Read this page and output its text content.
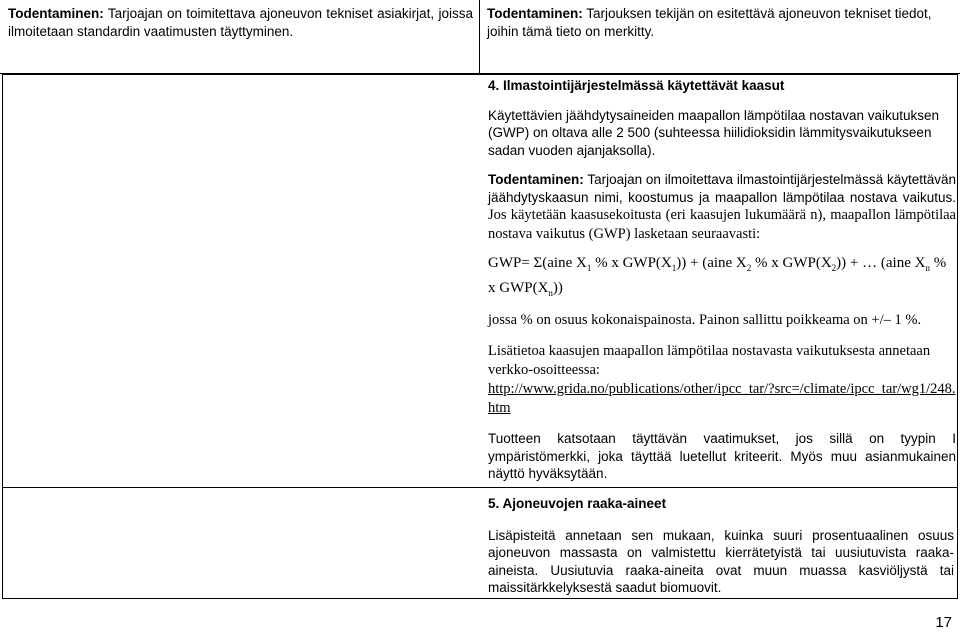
Todentaminen: Tarjoajan on toimitettava ajoneuvon tekniset asiakirjat, joissa ilmoitetaan standardin vaatimusten täyttyminen.

Todentaminen: Tarjouksen tekijän on esitettävä ajoneuvon tekniset tiedot, joihin tämä tieto on merkitty.

4. Ilmastointijärjestelmässä käytettävät kaasut

Käytettävien jäähdytysaineiden maapallon lämpötilaa nostavan vaikutuksen (GWP) on oltava alle 2 500 (suhteessa hiilidioksidin lämmitysvaikutukseen sadan vuoden ajanjaksolla).

Todentaminen: Tarjoajan on ilmoitettava ilmastointijärjestelmässä käytettävän jäähdytyskaasun nimi, koostumus ja maapallon lämpötilaa nostava vaikutus. Jos käytetään kaasusekoitusta (eri kaasujen lukumäärä n), maapallon lämpötilaa nostava vaikutus (GWP) lasketaan seuraavasti:

GWP= Σ(aine $X_1$ % x $GWP(X_1)$) + (aine $X_2$ % x $GWP(X_2)$) + … (aine $X_n$ % x $GWP(X_n)$)

jossa % on osuus kokonaispainosta. Painon sallittu poikkeama on +/– 1 %.

Lisätietoa kaasujen maapallon lämpötilaa nostavasta vaikutuksesta annetaan verkko-osoitteessa:

http://www.grida.no/publications/other/ipcc_tar/?src=/climate/ipcc_tar/wg1/248.htm

Tuotteen katsotaan täyttävän vaatimukset, jos sillä on tyypin I ympäristömerkki, joka täyttää luetellut kriteerit. Myös muu asianmukainen näyttö hyväksytään.

5. Ajoneuvojen raaka-aineet

Lisäpisteitä annetaan sen mukaan, kuinka suuri prosentuaalinen osuus ajoneuvon massasta on valmistettu kierrätetyistä tai uusiutuvista raaka-aineista. Uusiutuvia raaka-aineita ovat muun muassa kasviöljystä tai maissitärkkelyksestä saadut biomuovit.

17
